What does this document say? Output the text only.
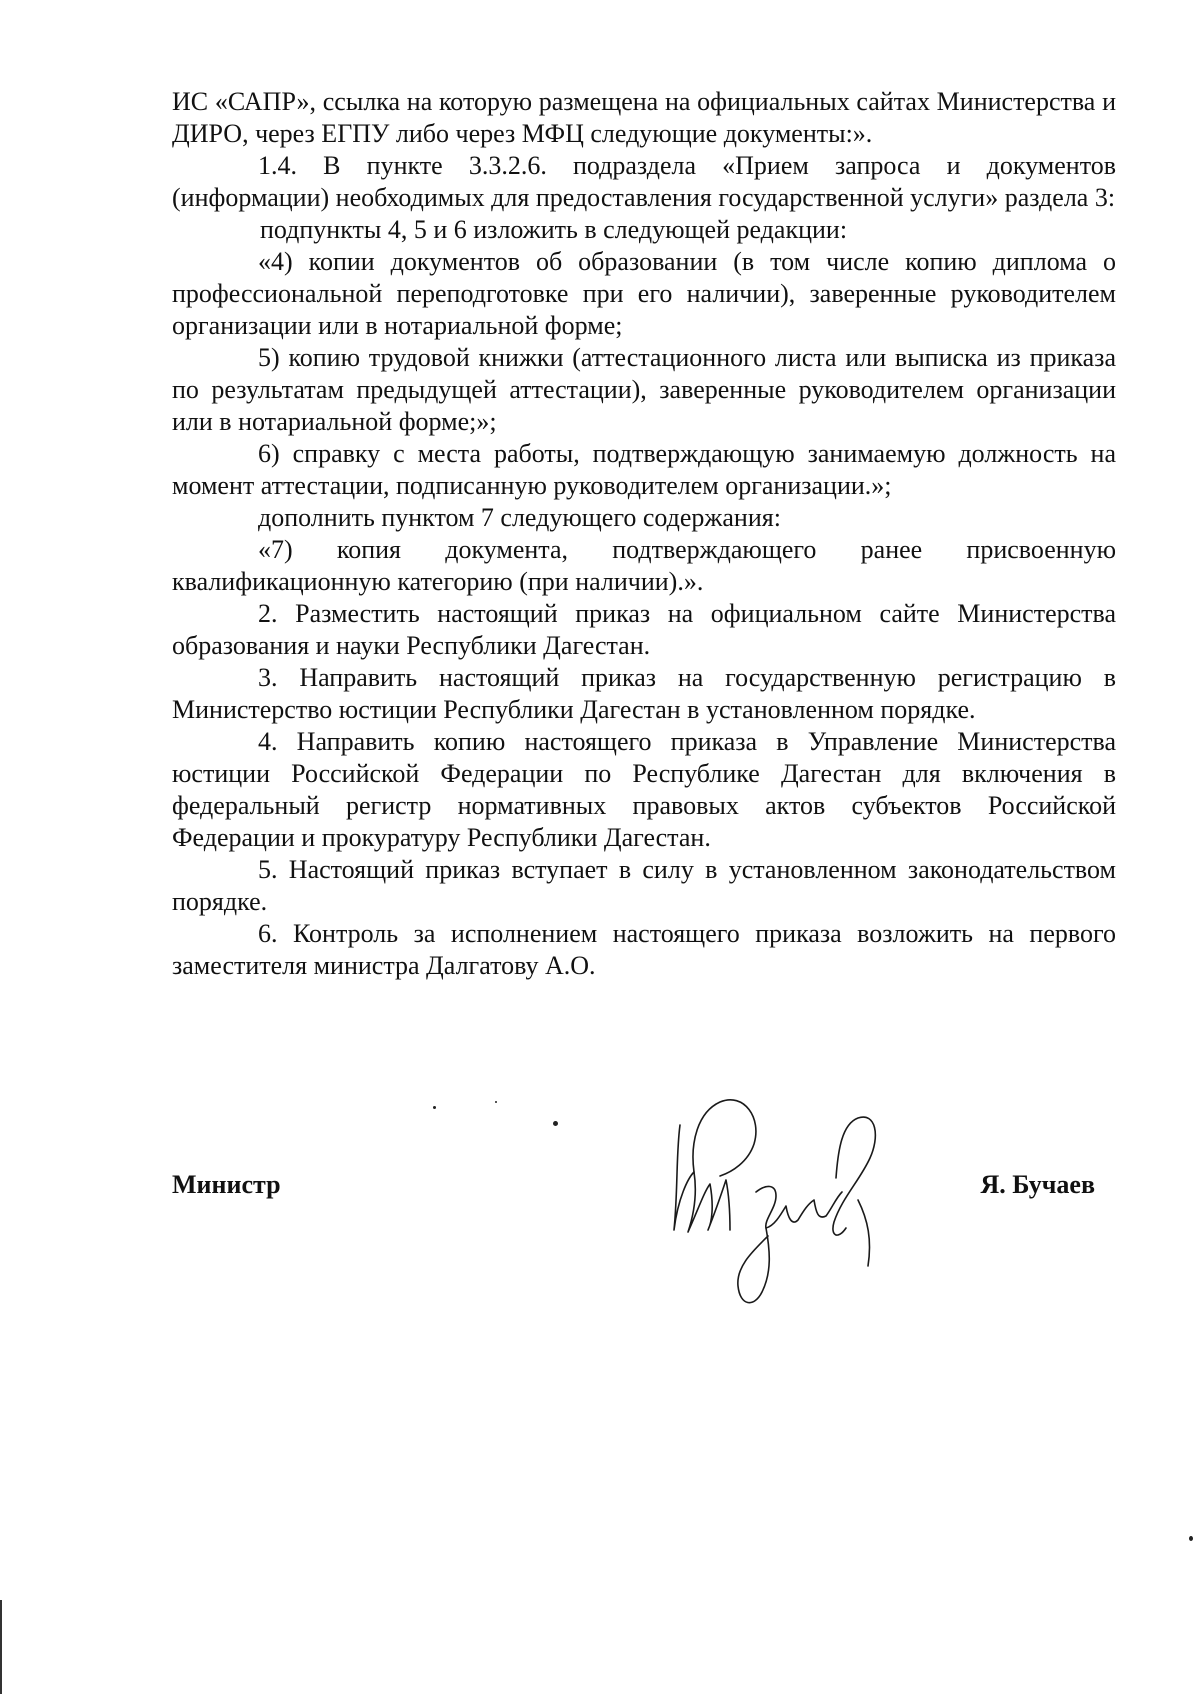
ИС «САПР», ссылка на которую размещена на официальных сайтах Министерства и ДИРО, через ЕГПУ либо через МФЦ следующие документы:».

1.4. В пункте 3.3.2.6. подраздела «Прием запроса и документов (информации) необходимых для предоставления государственной услуги» раздела 3:

подпункты 4, 5 и 6 изложить в следующей редакции:

«4) копии документов об образовании (в том числе копию диплома о профессиональной переподготовке при его наличии), заверенные руководителем организации или в нотариальной форме;

5) копию трудовой книжки (аттестационного листа или выписка из приказа по результатам предыдущей аттестации), заверенные руководителем организации или в нотариальной форме;»;

6) справку с места работы, подтверждающую занимаемую должность на момент аттестации, подписанную руководителем организации.»;

дополнить пунктом 7 следующего содержания:

«7) копия документа, подтверждающего ранее присвоенную квалификационную категорию (при наличии).».

2. Разместить настоящий приказ на официальном сайте Министерства образования и науки Республики Дагестан.

3. Направить настоящий приказ на государственную регистрацию в Министерство юстиции Республики Дагестан в установленном порядке.

4. Направить копию настоящего приказа в Управление Министерства юстиции Российской Федерации по Республике Дагестан для включения в федеральный регистр нормативных правовых актов субъектов Российской Федерации и прокуратуру Республики Дагестан.

5. Настоящий приказ вступает в силу в установленном законодательством порядке.

6. Контроль за исполнением настоящего приказа возложить на первого заместителя министра Далгатову А.О.

Министр	Я. Бучаев
